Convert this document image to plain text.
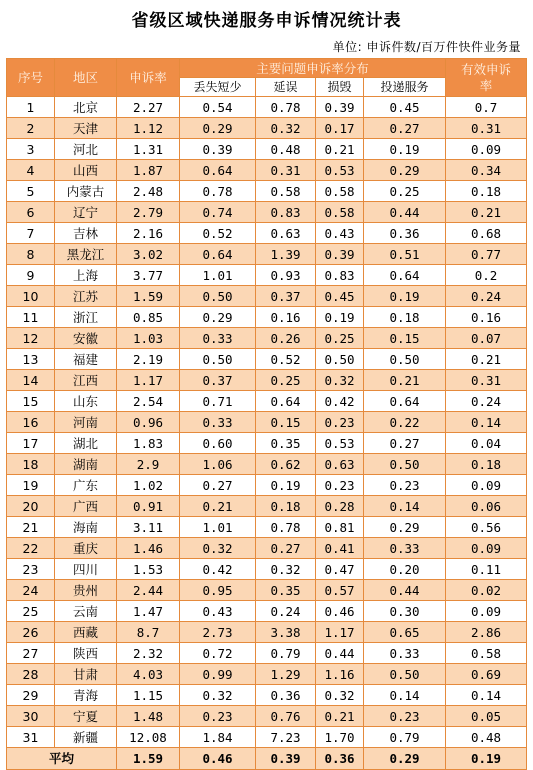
省级区域快递服务申诉情况统计表
单位: 申诉件数/百万件快件业务量
序号	地区	申诉率	主要问题申诉率分布				有效申诉率
			丢失短少	延误	损毁	投递服务	
1	北京	2.27	0.54	0.78	0.39	0.45	0.7
2	天津	1.12	0.29	0.32	0.17	0.27	0.31
3	河北	1.31	0.39	0.48	0.21	0.19	0.09
4	山西	1.87	0.64	0.31	0.53	0.29	0.34
5	内蒙古	2.48	0.78	0.58	0.58	0.25	0.18
6	辽宁	2.79	0.74	0.83	0.58	0.44	0.21
7	吉林	2.16	0.52	0.63	0.43	0.36	0.68
8	黑龙江	3.02	0.64	1.39	0.39	0.51	0.77
9	上海	3.77	1.01	0.93	0.83	0.64	0.2
10	江苏	1.59	0.50	0.37	0.45	0.19	0.24
11	浙江	0.85	0.29	0.16	0.19	0.18	0.16
12	安徽	1.03	0.33	0.26	0.25	0.15	0.07
13	福建	2.19	0.50	0.52	0.50	0.50	0.21
14	江西	1.17	0.37	0.25	0.32	0.21	0.31
15	山东	2.54	0.71	0.64	0.42	0.64	0.24
16	河南	0.96	0.33	0.15	0.23	0.22	0.14
17	湖北	1.83	0.60	0.35	0.53	0.27	0.04
18	湖南	2.9	1.06	0.62	0.63	0.50	0.18
19	广东	1.02	0.27	0.19	0.23	0.23	0.09
20	广西	0.91	0.21	0.18	0.28	0.14	0.06
21	海南	3.11	1.01	0.78	0.81	0.29	0.56
22	重庆	1.46	0.32	0.27	0.41	0.33	0.09
23	四川	1.53	0.42	0.32	0.47	0.20	0.11
24	贵州	2.44	0.95	0.35	0.57	0.44	0.02
25	云南	1.47	0.43	0.24	0.46	0.30	0.09
26	西藏	8.7	2.73	3.38	1.17	0.65	2.86
27	陕西	2.32	0.72	0.79	0.44	0.33	0.58
28	甘肃	4.03	0.99	1.29	1.16	0.50	0.69
29	青海	1.15	0.32	0.36	0.32	0.14	0.14
30	宁夏	1.48	0.23	0.76	0.21	0.23	0.05
31	新疆	12.08	1.84	7.23	1.70	0.79	0.48
平均		1.59	0.46	0.39	0.36	0.29	0.19
